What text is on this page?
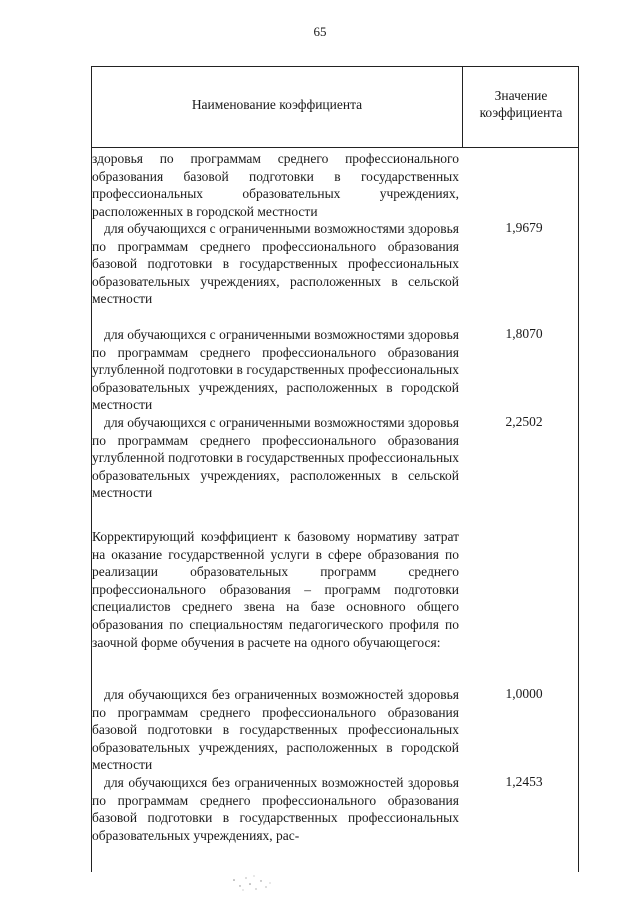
65
Наименование коэффициента
Значение
коэффициента

здоровья по программам среднего профессионального образования базовой подготовки в государственных профессиональных образовательных учреждениях, расположенных в городской местности

для обучающихся с ограниченными возможностями здоровья по программам среднего профессионального образования базовой подготовки в государственных профессиональных образовательных учреждениях, расположенных в сельской местности

1,9679

для обучающихся с ограниченными возможностями здоровья по программам среднего профессионального образования углубленной подготовки в государственных профессиональных образовательных учреждениях, расположенных в городской местности

1,8070

для обучающихся с ограниченными возможностями здоровья по программам среднего профессионального образования углубленной подготовки в государственных профессиональных образовательных учреждениях, расположенных в сельской местности

2,2502

Корректирующий коэффициент к базовому нормативу затрат на оказание государственной услуги в сфере образования по реализации образовательных программ среднего профессионального образования – программ подготовки специалистов среднего звена на базе основного общего образования по специальностям педагогического профиля по заочной форме обучения в расчете на одного обучающегося:

для обучающихся без ограниченных возможностей здоровья по программам среднего профессионального образования базовой подготовки в государственных профессиональных образовательных учреждениях, расположенных в городской местности

1,0000

для обучающихся без ограниченных возможностей здоровья по программам среднего профессионального образования базовой подготовки в государственных профессиональных образовательных учреждениях, рас-

1,2453
